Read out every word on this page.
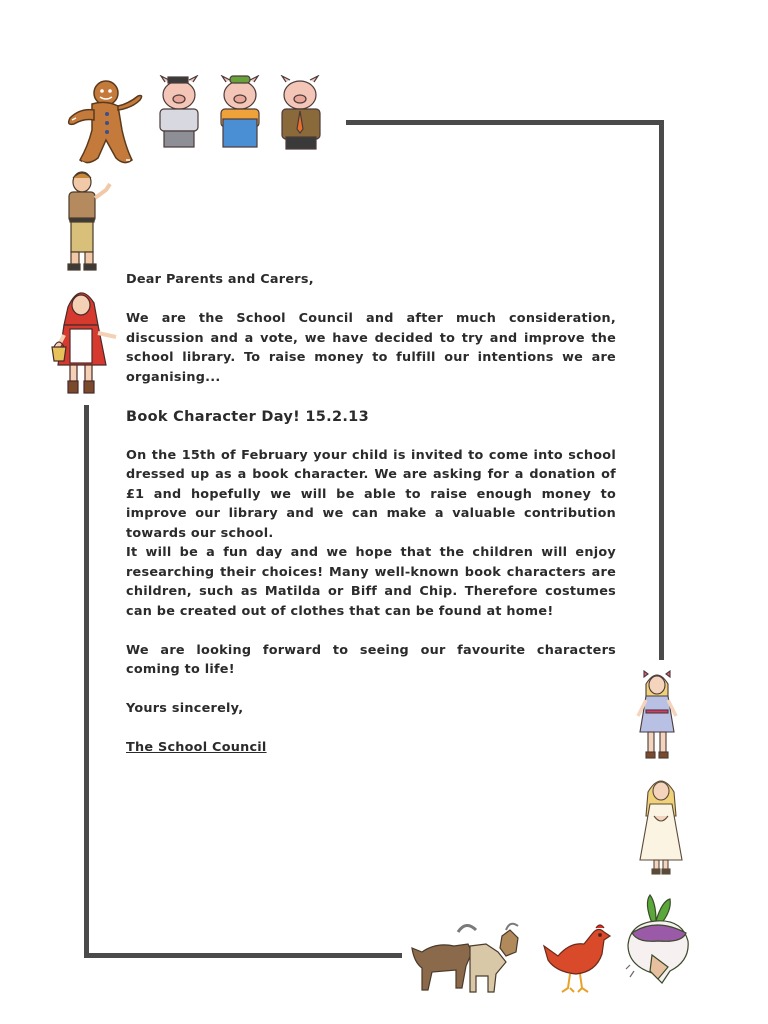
Dear Parents and Carers,

We are the School Council and after much consideration, discussion and a vote, we have decided to try and improve the school library. To raise money to fulfill our intentions we are organising...

Book Character Day! 15.2.13

On the 15th of February your child is invited to come into school dressed up as a book character. We are asking for a donation of £1 and hopefully we will be able to raise enough money to improve our library and we can make a valuable contribution towards our school.

It will be a fun day and we hope that the children will enjoy researching their choices! Many well-known book characters are children, such as Matilda or Biff and Chip. Therefore costumes can be created out of clothes that can be found at home!

We are looking forward to seeing our favourite characters coming to life!

Yours sincerely,

The School Council
